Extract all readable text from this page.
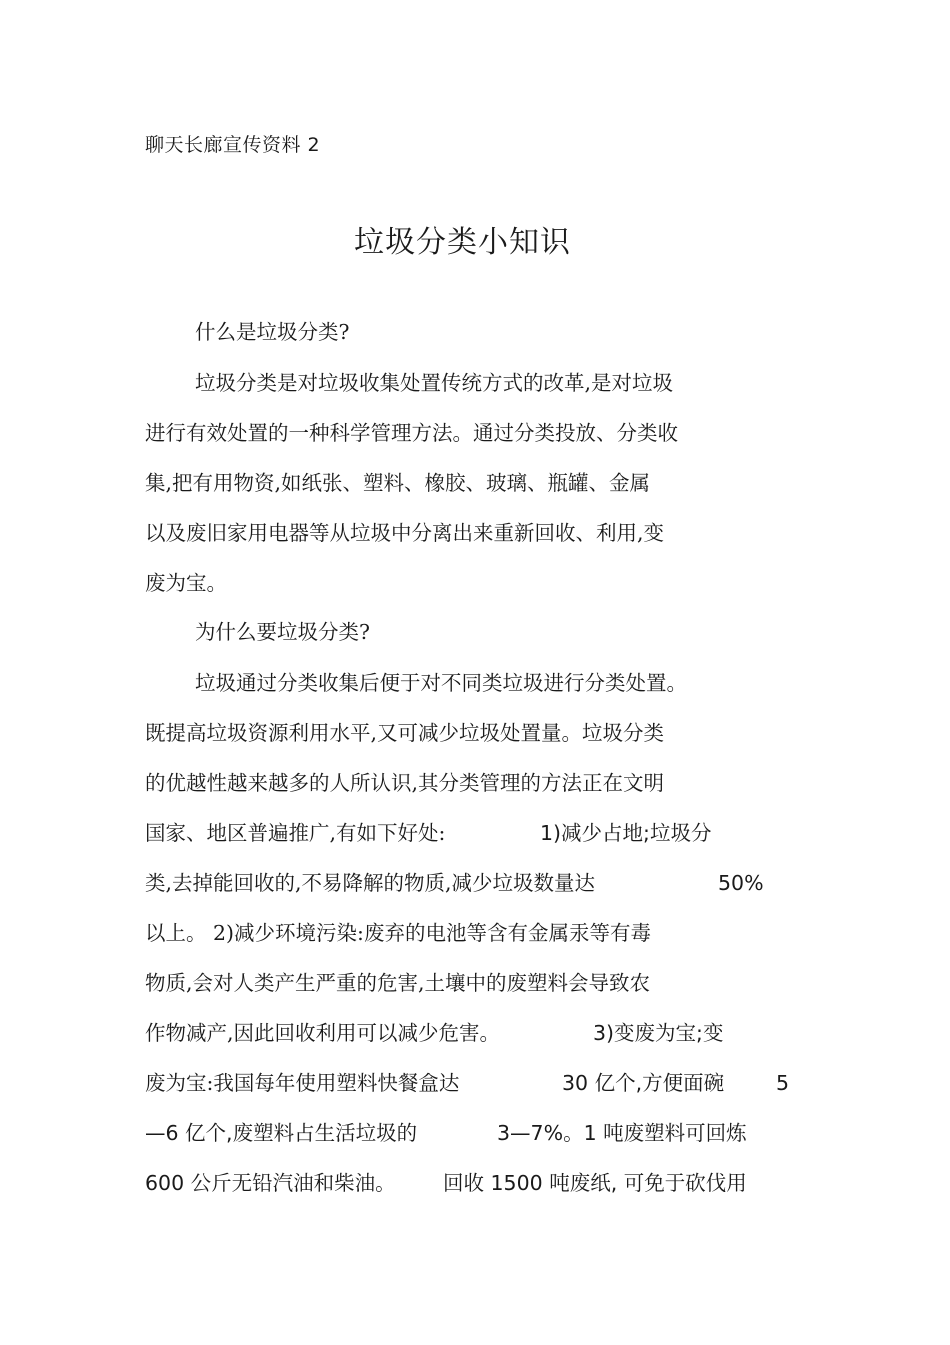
聊天长廊宣传资料 2
垃圾分类小知识
什么是垃圾分类?
垃圾分类是对垃圾收集处置传统方式的改革,是对垃圾
进行有效处置的一种科学管理方法。通过分类投放、分类收
集,把有用物资,如纸张、塑料、橡胶、玻璃、瓶罐、金属
以及废旧家用电器等从垃圾中分离出来重新回收、利用,变
废为宝。
为什么要垃圾分类?
垃圾通过分类收集后便于对不同类垃圾进行分类处置。
既提高垃圾资源利用水平,又可减少垃圾处置量。垃圾分类
的优越性越来越多的人所认识,其分类管理的方法正在文明
国家、地区普遍推广,有如下好处:	1)减少占地;垃圾分
类,去掉能回收的,不易降解的物质,减少垃圾数量达	50%
以上。 2)减少环境污染:废弃的电池等含有金属汞等有毒
物质,会对人类产生严重的危害,土壤中的废塑料会导致农
作物减产,因此回收利用可以减少危害。	3)变废为宝;变
废为宝:我国每年使用塑料快餐盒达	30 亿个,方便面碗	5
—6 亿个,废塑料占生活垃圾的	3—7%。1 吨废塑料可回炼
600 公斤无铅汽油和柴油。 回收 1500 吨废纸, 可免于砍伐用
